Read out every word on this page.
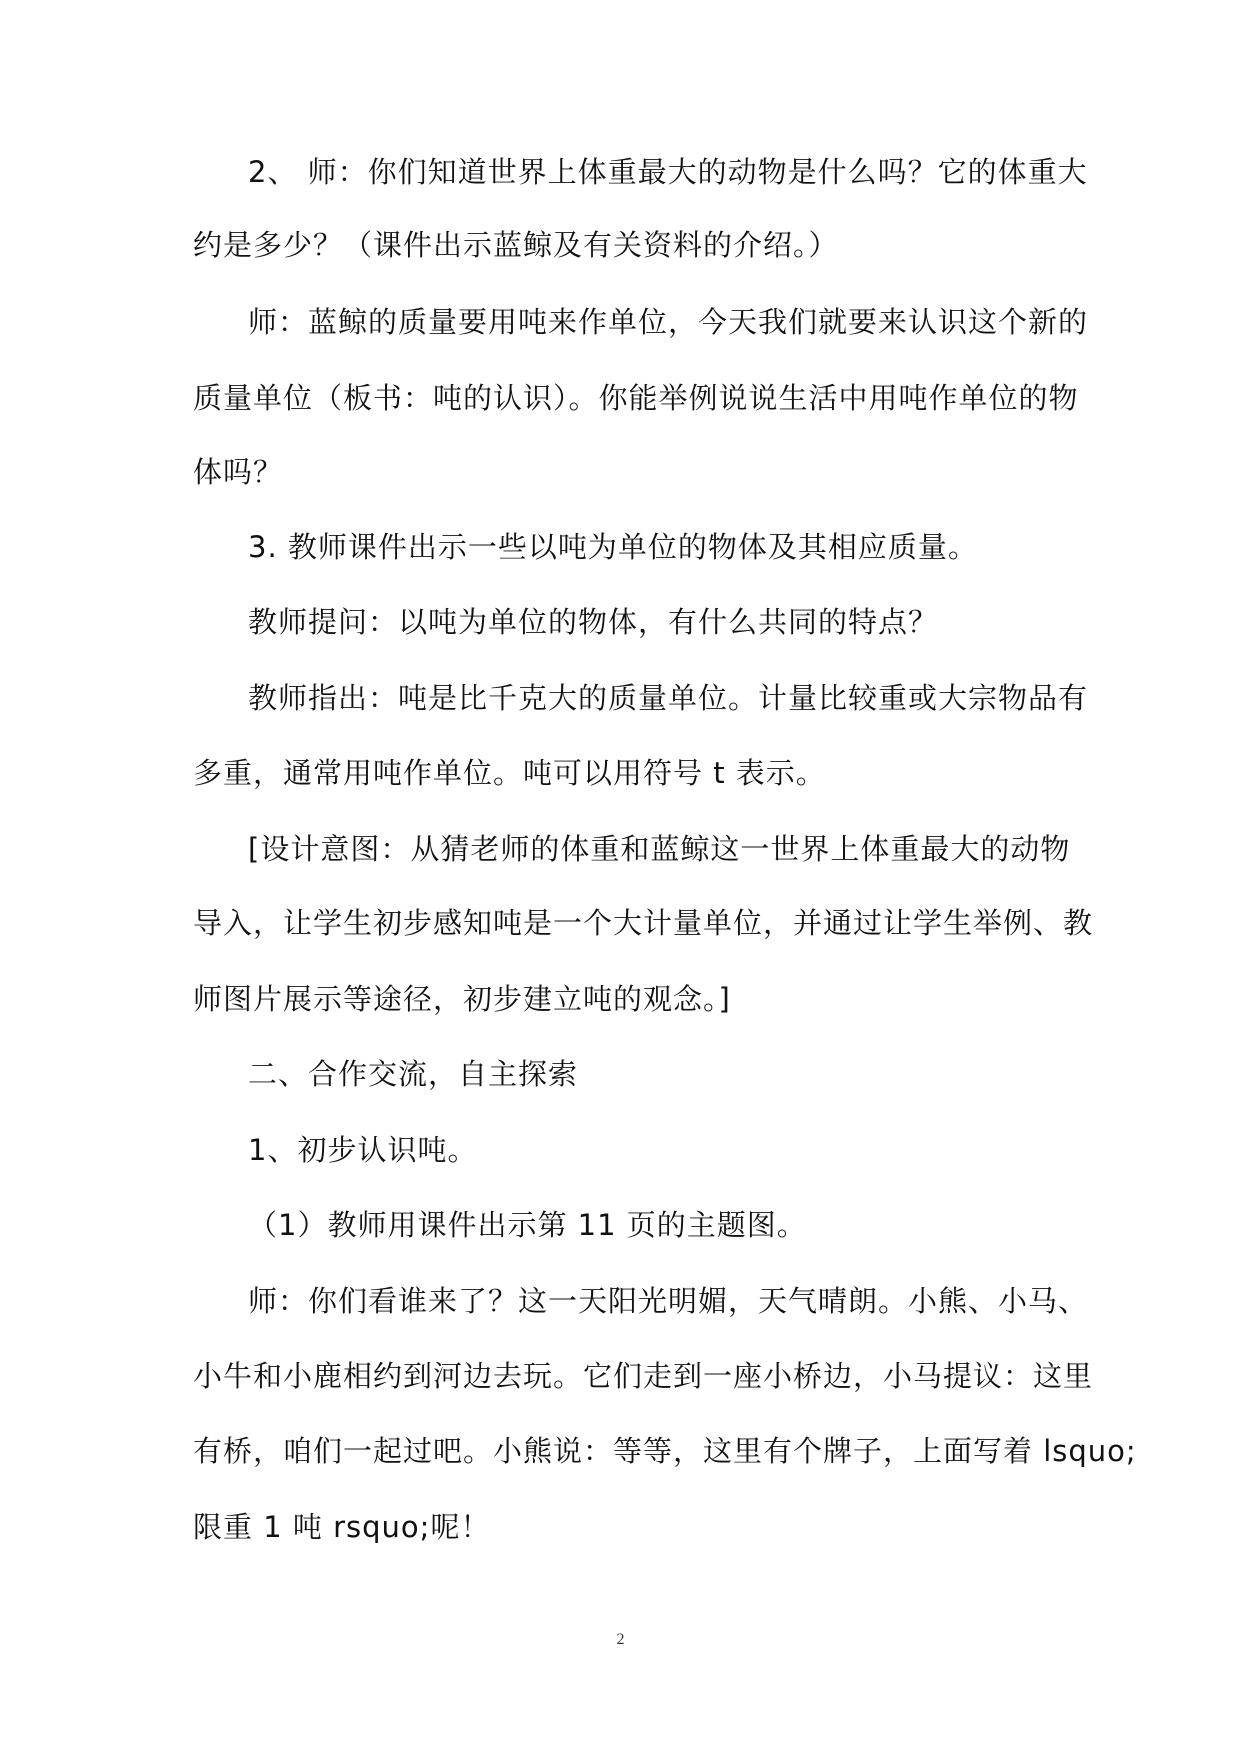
2、 师：你们知道世界上体重最大的动物是什么吗？它的体重大
约是多少？（课件出示蓝鲸及有关资料的介绍。）
师：蓝鲸的质量要用吨来作单位，今天我们就要来认识这个新的
质量单位（板书：吨的认识）。你能举例说说生活中用吨作单位的物
体吗？
3. 教师课件出示一些以吨为单位的物体及其相应质量。
教师提问：以吨为单位的物体，有什么共同的特点？
教师指出：吨是比千克大的质量单位。计量比较重或大宗物品有
多重，通常用吨作单位。吨可以用符号 t 表示。
[设计意图：从猜老师的体重和蓝鲸这一世界上体重最大的动物
导入，让学生初步感知吨是一个大计量单位，并通过让学生举例、教
师图片展示等途径，初步建立吨的观念。]
二、合作交流，自主探索
1、初步认识吨。
（1）教师用课件出示第 11 页的主题图。
师：你们看谁来了？这一天阳光明媚，天气晴朗。小熊、小马、
小牛和小鹿相约到河边去玩。它们走到一座小桥边，小马提议：这里
有桥，咱们一起过吧。小熊说：等等，这里有个牌子，上面写着 lsquo;
限重 1 吨 rsquo;呢！
2
